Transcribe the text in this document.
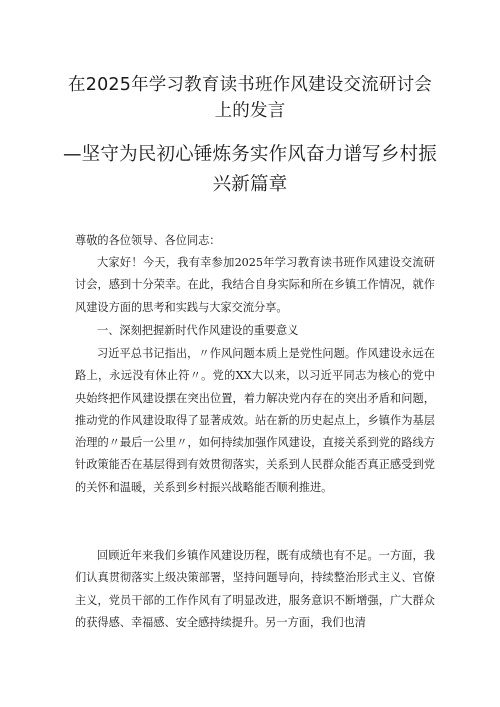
在2025年学习教育读书班作风建设交流研讨会上的发言
—坚守为民初心锤炼务实作风奋力谱写乡村振兴新篇章

尊敬的各位领导、各位同志：

大家好！今天，我有幸参加2025年学习教育读书班作风建设交流研讨会，感到十分荣幸。在此，我结合自身实际和所在乡镇工作情况，就作风建设方面的思考和实践与大家交流分享。

一、深刻把握新时代作风建设的重要意义

习近平总书记指出，〃作风问题本质上是党性问题。作风建设永远在路上，永远没有休止符〃。党的XX大以来，以习近平同志为核心的党中央始终把作风建设摆在突出位置，着力解决党内存在的突出矛盾和问题，推动党的作风建设取得了显著成效。站在新的历史起点上，乡镇作为基层治理的〃最后一公里〃，如何持续加强作风建设，直接关系到党的路线方针政策能否在基层得到有效贯彻落实，关系到人民群众能否真正感受到党的关怀和温暖，关系到乡村振兴战略能否顺利推进。

回顾近年来我们乡镇作风建设历程，既有成绩也有不足。一方面，我们认真贯彻落实上级决策部署，坚持问题导向，持续整治形式主义、官僚主义，党员干部的工作作风有了明显改进，服务意识不断增强，广大群众的获得感、幸福感、安全感持续提升。另一方面，我们也清
